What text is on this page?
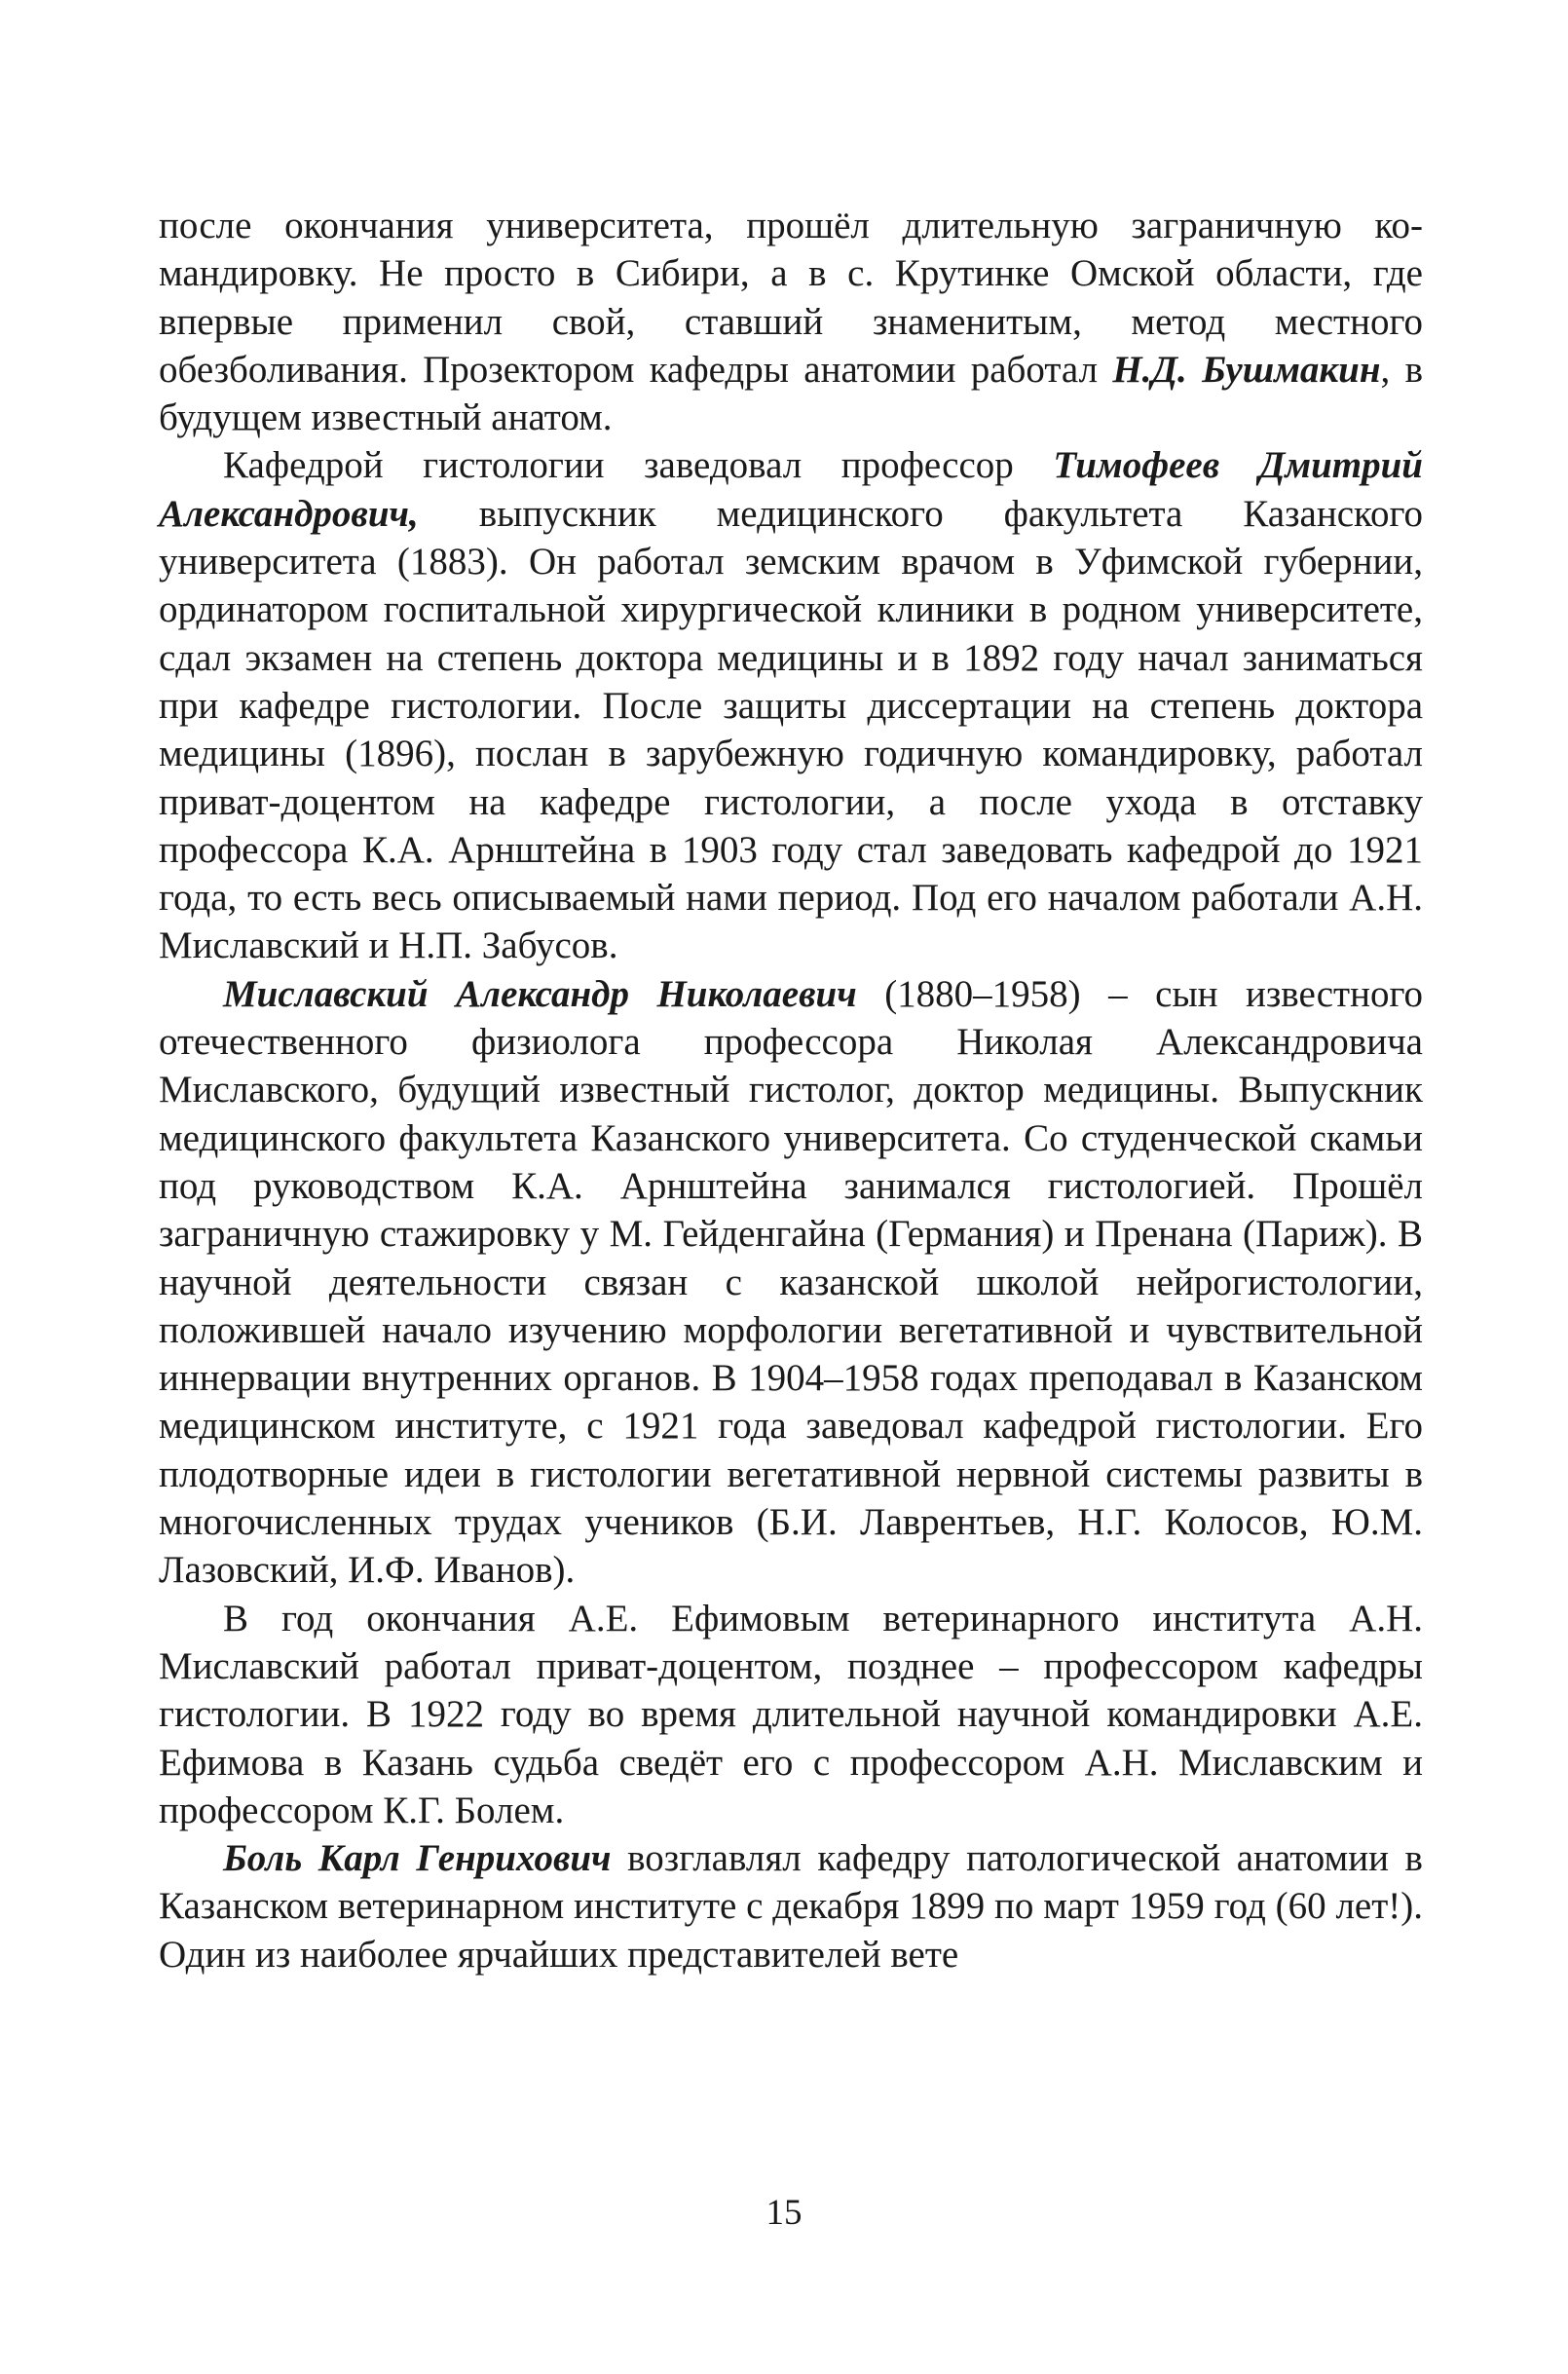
после окончания университета, прошёл длительную заграничную командировку. Не просто в Сибири, а в с. Крутинке Омской области, где впервые применил свой, ставший знаменитым, метод местного обезболивания. Прозектором кафедры анатомии работал Н.Д. Бушмакин, в будущем известный анатом.

Кафедрой гистологии заведовал профессор Тимофеев Дмитрий Александрович, выпускник медицинского факультета Казанского университета (1883). Он работал земским врачом в Уфимской губернии, ординатором госпитальной хирургической клиники в родном университете, сдал экзамен на степень доктора медицины и в 1892 году начал заниматься при кафедре гистологии. После защиты диссертации на степень доктора медицины (1896), послан в зарубежную годичную командировку, работал приват-доцентом на кафедре гистологии, а после ухода в отставку профессора К.А. Арнштейна в 1903 году стал заведовать кафедрой до 1921 года, то есть весь описываемый нами период. Под его началом работали А.Н. Миславский и Н.П. Забусов.

Миславский Александр Николаевич (1880–1958) – сын известного отечественного физиолога профессора Николая Александровича Миславского, будущий известный гистолог, доктор медицины. Выпускник медицинского факультета Казанского университета. Со студенческой скамьи под руководством К.А. Арнштейна занимался гистологией. Прошёл заграничную стажировку у М. Гейденгайна (Германия) и Пренана (Париж). В научной деятельности связан с казанской школой нейрогистологии, положившей начало изучению морфологии вегетативной и чувствительной иннервации внутренних органов. В 1904–1958 годах преподавал в Казанском медицинском институте, с 1921 года заведовал кафедрой гистологии. Его плодотворные идеи в гистологии вегетативной нервной системы развиты в многочисленных трудах учеников (Б.И. Лаврентьев, Н.Г. Колосов, Ю.М. Лазовский, И.Ф. Иванов).

В год окончания А.Е. Ефимовым ветеринарного института А.Н. Миславский работал приват-доцентом, позднее – профессором кафедры гистологии. В 1922 году во время длительной научной командировки А.Е. Ефимова в Казань судьба сведёт его с профессором А.Н. Миславским и профессором К.Г. Болем.

Боль Карл Генрихович возглавлял кафедру патологической анатомии в Казанском ветеринарном институте с декабря 1899 по март 1959 год (60 лет!). Один из наиболее ярчайших представителей вете

15
